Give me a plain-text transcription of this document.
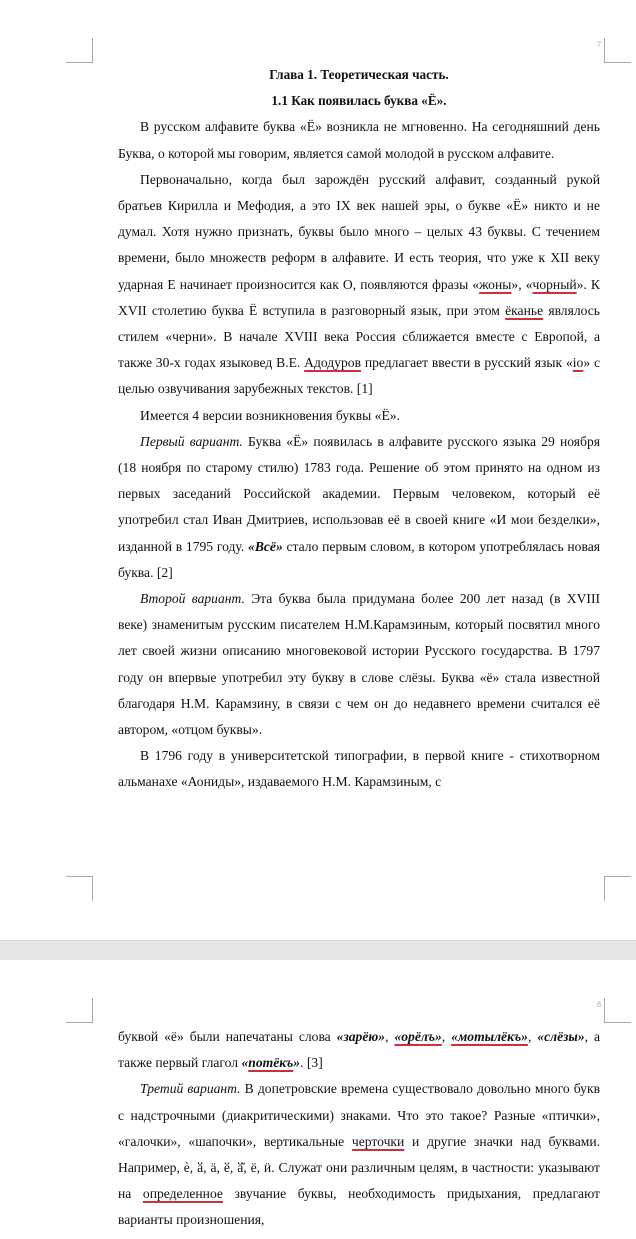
7

Глава 1. Теоретическая часть.

1.1 Как появилась буква «Ё».

В русском алфавите буква «Ё» возникла не мгновенно. На сегодняшний день Буква, о которой мы говорим, является самой молодой в русском алфавите.

Первоначально, когда был зарождён русский алфавит, созданный рукой братьев Кирилла и Мефодия, а это IX век нашей эры, о букве «Ё» никто и не думал. Хотя нужно признать, буквы было много – целых 43 буквы. С течением времени, было множеств реформ в алфавите. И есть теория, что уже к XII веку ударная Е начинает произносится как О, появляются фразы «жоны», «чорный». К XVII столетию буква Ё вступила в разговорный язык, при этом ёканье являлось стилем «черни». В начале XVIII века Россия сближается вместе с Европой, а также 30-х годах языковед В.Е. Адодуров предлагает ввести в русский язык «io» с целью озвучивания зарубежных текстов. [1]

Имеется 4 версии возникновения буквы «Ё».

Первый вариант. Буква «Ё» появилась в алфавите русского языка 29 ноября (18 ноября по старому стилю) 1783 года. Решение об этом принято на одном из первых заседаний Российской академии. Первым человеком, который её употребил стал Иван Дмитриев, использовав её в своей книге «И мои безделки», изданной в 1795 году. «Всё» стало первым словом, в котором употреблялась новая буква. [2]

Второй вариант. Эта буква была придумана более 200 лет назад (в XVIII веке) знаменитым русским писателем Н.М.Карамзиным, который посвятил много лет своей жизни описанию многовековой истории Русского государства. В 1797 году он впервые употребил эту букву в слове слёзы. Буква «ё» стала известной благодаря Н.М. Карамзину, в связи с чем он до недавнего времени считался её автором, «отцом буквы».

В 1796 году в университетской типографии, в первой книге - стихотворном альманахе «Аониды», издаваемого Н.М. Карамзиным, с

8

буквой «ё» были напечатаны слова «зарёю», «орёлъ», «мотылёкъ», «слёзы», а также первый глагол «потёкъ». [3]

Третий вариант. В допетровские времена существовало довольно много букв с надстрочными (диакритическими) знаками. Что это такое? Разные «птички», «галочки», «шапочки», вертикальные черточки и другие значки над буквами. Например, ѐ, ӑ, ӓ, ӗ, ӑ̆, ё, ӥ. Служат они различным целям, в частности: указывают на определенное звучание буквы, необходимость придыхания, предлагают варианты произношения,
